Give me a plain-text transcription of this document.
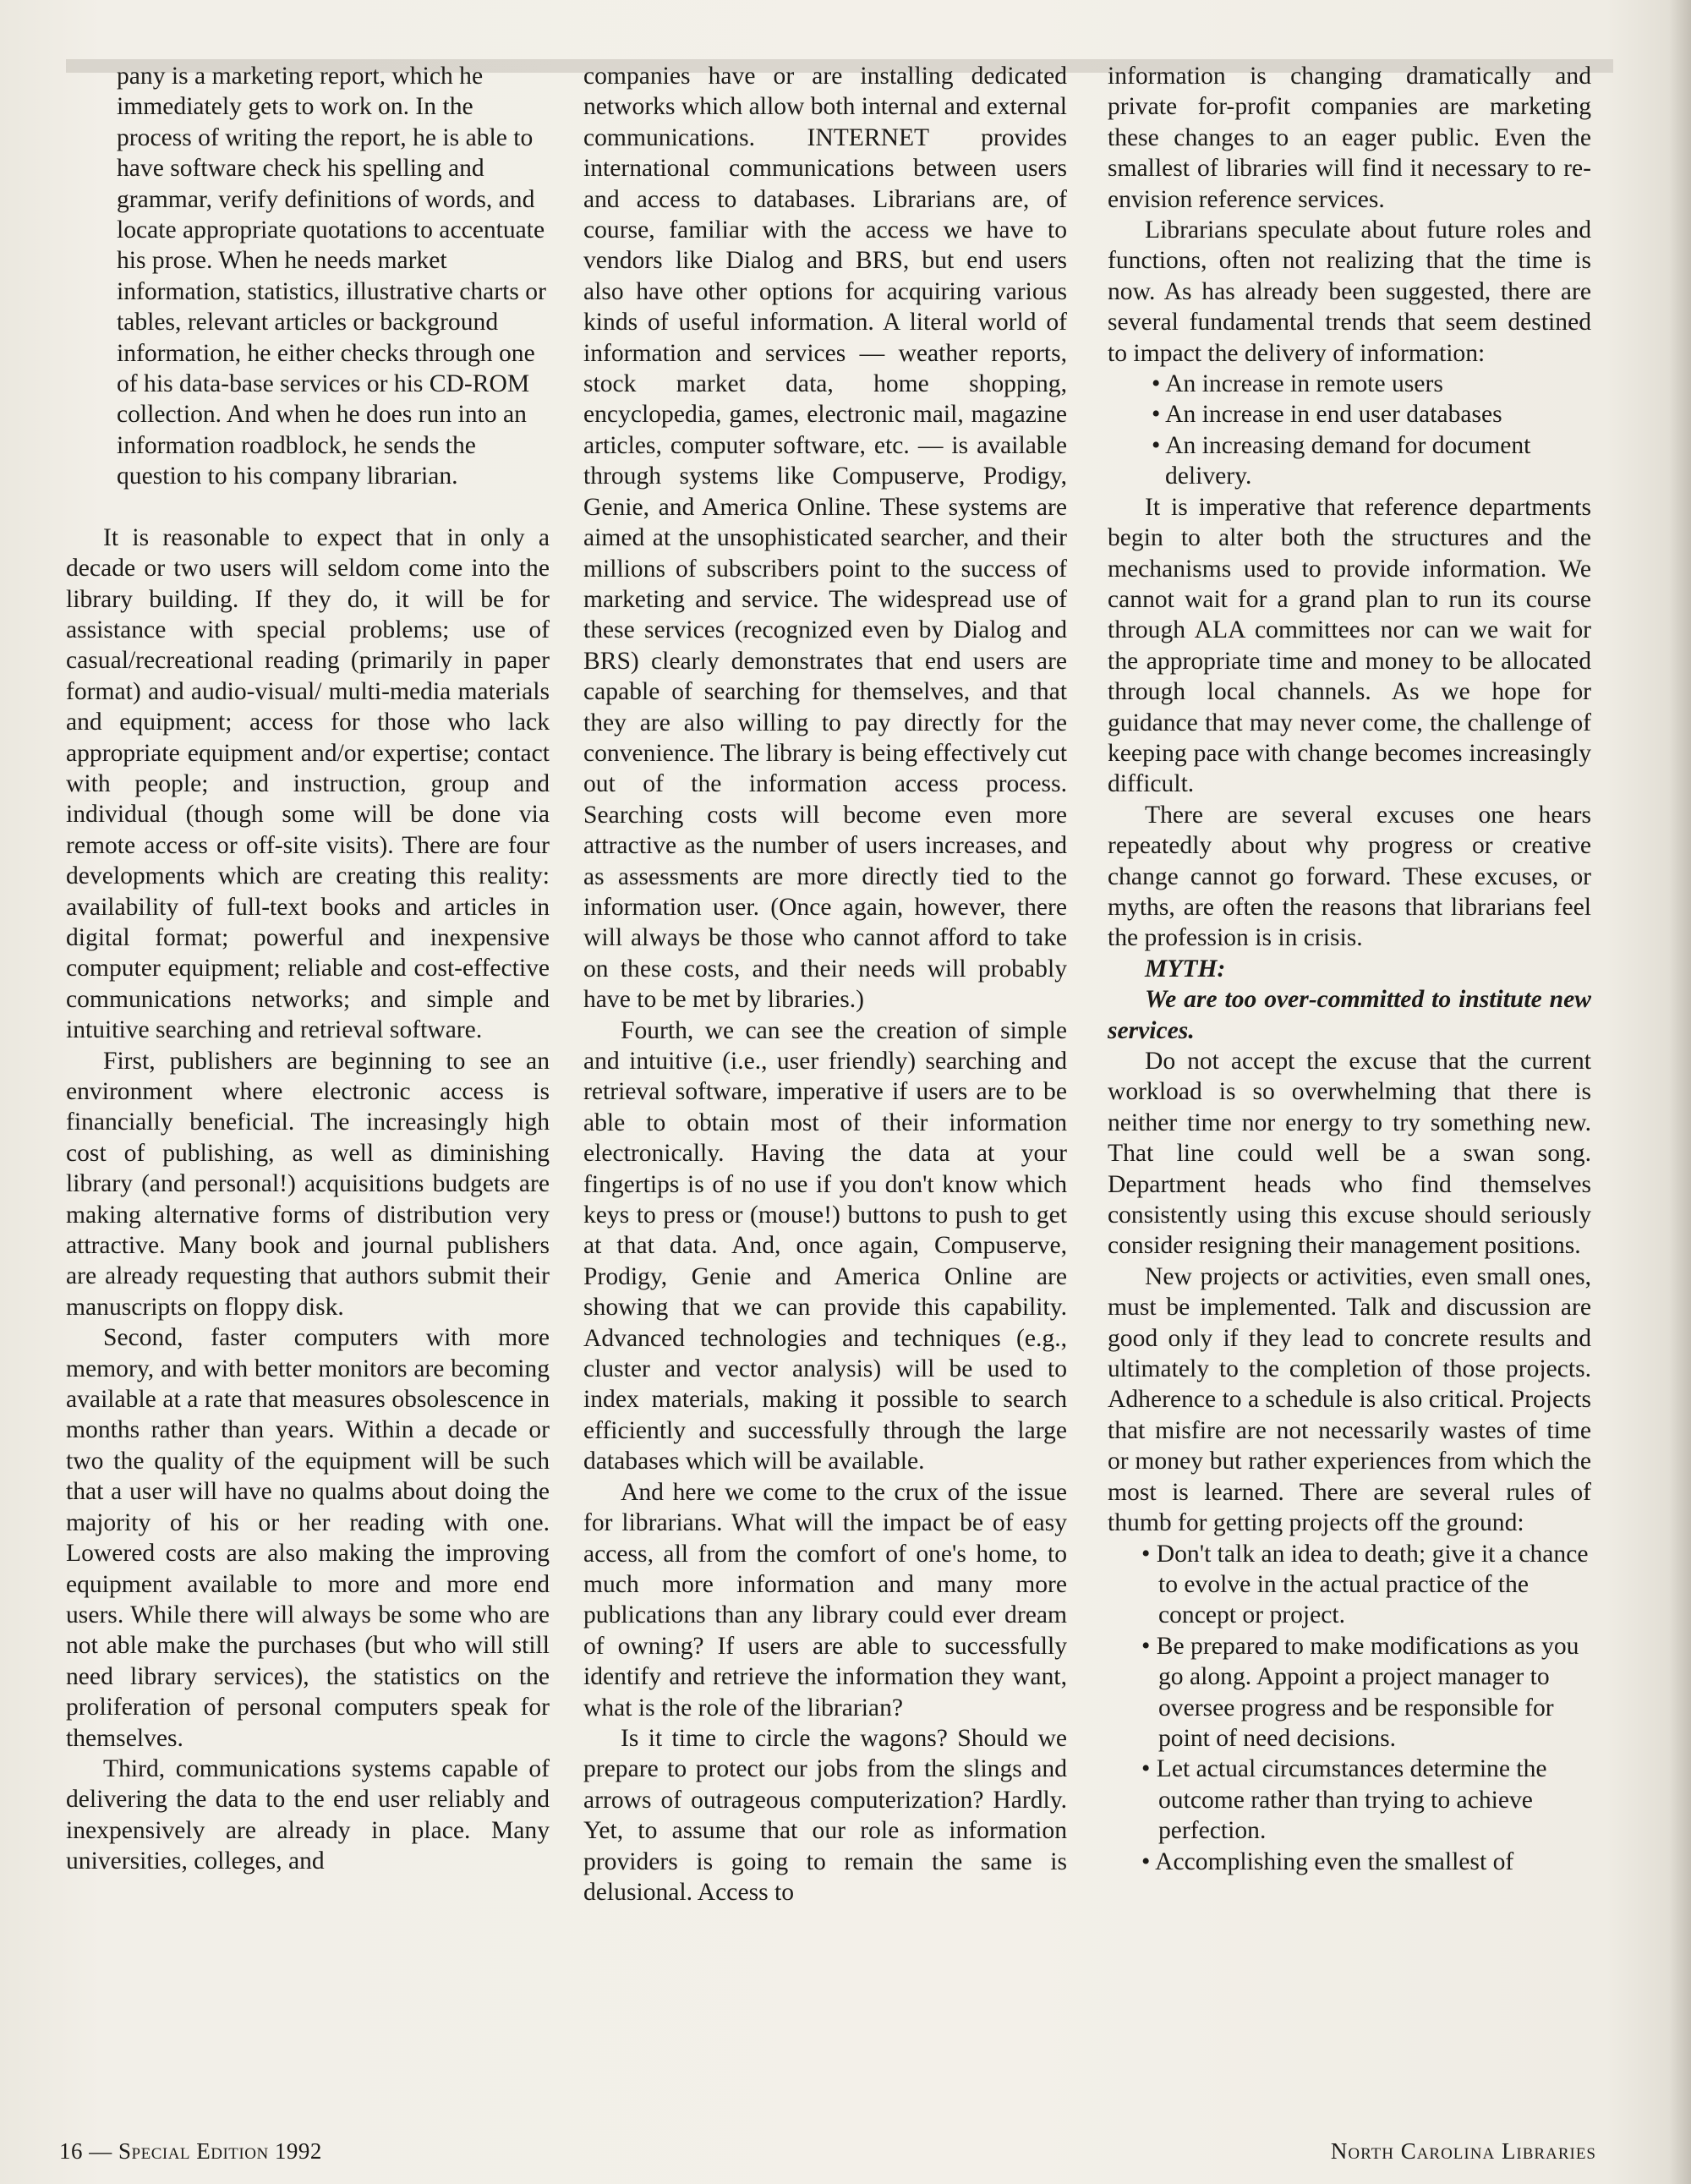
pany is a marketing report, which he immediately gets to work on. In the process of writing the report, he is able to have software check his spelling and grammar, verify definitions of words, and locate appropriate quotations to accentuate his prose. When he needs market information, statistics, illustrative charts or tables, relevant articles or background information, he either checks through one of his data-base services or his CD-ROM collection. And when he does run into an information roadblock, he sends the question to his company librarian.

It is reasonable to expect that in only a decade or two users will seldom come into the library building. If they do, it will be for assistance with special problems; use of casual/recreational reading (primarily in paper format) and audio-visual/ multi-media materials and equipment; access for those who lack appropriate equipment and/or expertise; contact with people; and instruction, group and individual (though some will be done via remote access or off-site visits). There are four developments which are creating this reality: availability of full-text books and articles in digital format; powerful and inexpensive computer equipment; reliable and cost-effective communications networks; and simple and intuitive searching and retrieval software.

First, publishers are beginning to see an environment where electronic access is financially beneficial. The increasingly high cost of publishing, as well as diminishing library (and personal!) acquisitions budgets are making alternative forms of distribution very attractive. Many book and journal publishers are already requesting that authors submit their manuscripts on floppy disk.

Second, faster computers with more memory, and with better monitors are becoming available at a rate that measures obsolescence in months rather than years. Within a decade or two the quality of the equipment will be such that a user will have no qualms about doing the majority of his or her reading with one. Lowered costs are also making the improving equipment available to more and more end users. While there will always be some who are not able make the purchases (but who will still need library services), the statistics on the proliferation of personal computers speak for themselves.

Third, communications systems capable of delivering the data to the end user reliably and inexpensively are already in place. Many universities, colleges, and

companies have or are installing dedicated networks which allow both internal and external communications. INTERNET provides international communications between users and access to databases. Librarians are, of course, familiar with the access we have to vendors like Dialog and BRS, but end users also have other options for acquiring various kinds of useful information. A literal world of information and services — weather reports, stock market data, home shopping, encyclopedia, games, electronic mail, magazine articles, computer software, etc. — is available through systems like Compuserve, Prodigy, Genie, and America Online. These systems are aimed at the unsophisticated searcher, and their millions of subscribers point to the success of marketing and service. The widespread use of these services (recognized even by Dialog and BRS) clearly demonstrates that end users are capable of searching for themselves, and that they are also willing to pay directly for the convenience. The library is being effectively cut out of the information access process. Searching costs will become even more attractive as the number of users increases, and as assessments are more directly tied to the information user. (Once again, however, there will always be those who cannot afford to take on these costs, and their needs will probably have to be met by libraries.)

Fourth, we can see the creation of simple and intuitive (i.e., user friendly) searching and retrieval software, imperative if users are to be able to obtain most of their information electronically. Having the data at your fingertips is of no use if you don't know which keys to press or (mouse!) buttons to push to get at that data. And, once again, Compuserve, Prodigy, Genie and America Online are showing that we can provide this capability. Advanced technologies and techniques (e.g., cluster and vector analysis) will be used to index materials, making it possible to search efficiently and successfully through the large databases which will be available.

And here we come to the crux of the issue for librarians. What will the impact be of easy access, all from the comfort of one's home, to much more information and many more publications than any library could ever dream of owning? If users are able to successfully identify and retrieve the information they want, what is the role of the librarian?

Is it time to circle the wagons? Should we prepare to protect our jobs from the slings and arrows of outrageous computerization? Hardly. Yet, to assume that our role as information providers is going to remain the same is delusional. Access to

information is changing dramatically and private for-profit companies are marketing these changes to an eager public. Even the smallest of libraries will find it necessary to re-envision reference services.

Librarians speculate about future roles and functions, often not realizing that the time is now. As has already been suggested, there are several fundamental trends that seem destined to impact the delivery of information:

• An increase in remote users
• An increase in end user databases
• An increasing demand for document delivery.

It is imperative that reference departments begin to alter both the structures and the mechanisms used to provide information. We cannot wait for a grand plan to run its course through ALA committees nor can we wait for the appropriate time and money to be allocated through local channels. As we hope for guidance that may never come, the challenge of keeping pace with change becomes increasingly difficult.

There are several excuses one hears repeatedly about why progress or creative change cannot go forward. These excuses, or myths, are often the reasons that librarians feel the profession is in crisis.

MYTH:

We are too over-committed to institute new services.

Do not accept the excuse that the current workload is so overwhelming that there is neither time nor energy to try something new. That line could well be a swan song. Department heads who find themselves consistently using this excuse should seriously consider resigning their management positions.

New projects or activities, even small ones, must be implemented. Talk and discussion are good only if they lead to concrete results and ultimately to the completion of those projects. Adherence to a schedule is also critical. Projects that misfire are not necessarily wastes of time or money but rather experiences from which the most is learned. There are several rules of thumb for getting projects off the ground:

• Don't talk an idea to death; give it a chance to evolve in the actual practice of the concept or project.
• Be prepared to make modifications as you go along. Appoint a project manager to oversee progress and be responsible for point of need decisions.
• Let actual circumstances determine the outcome rather than trying to achieve perfection.
• Accomplishing even the smallest of
16 — Special Edition 1992	North Carolina Libraries
